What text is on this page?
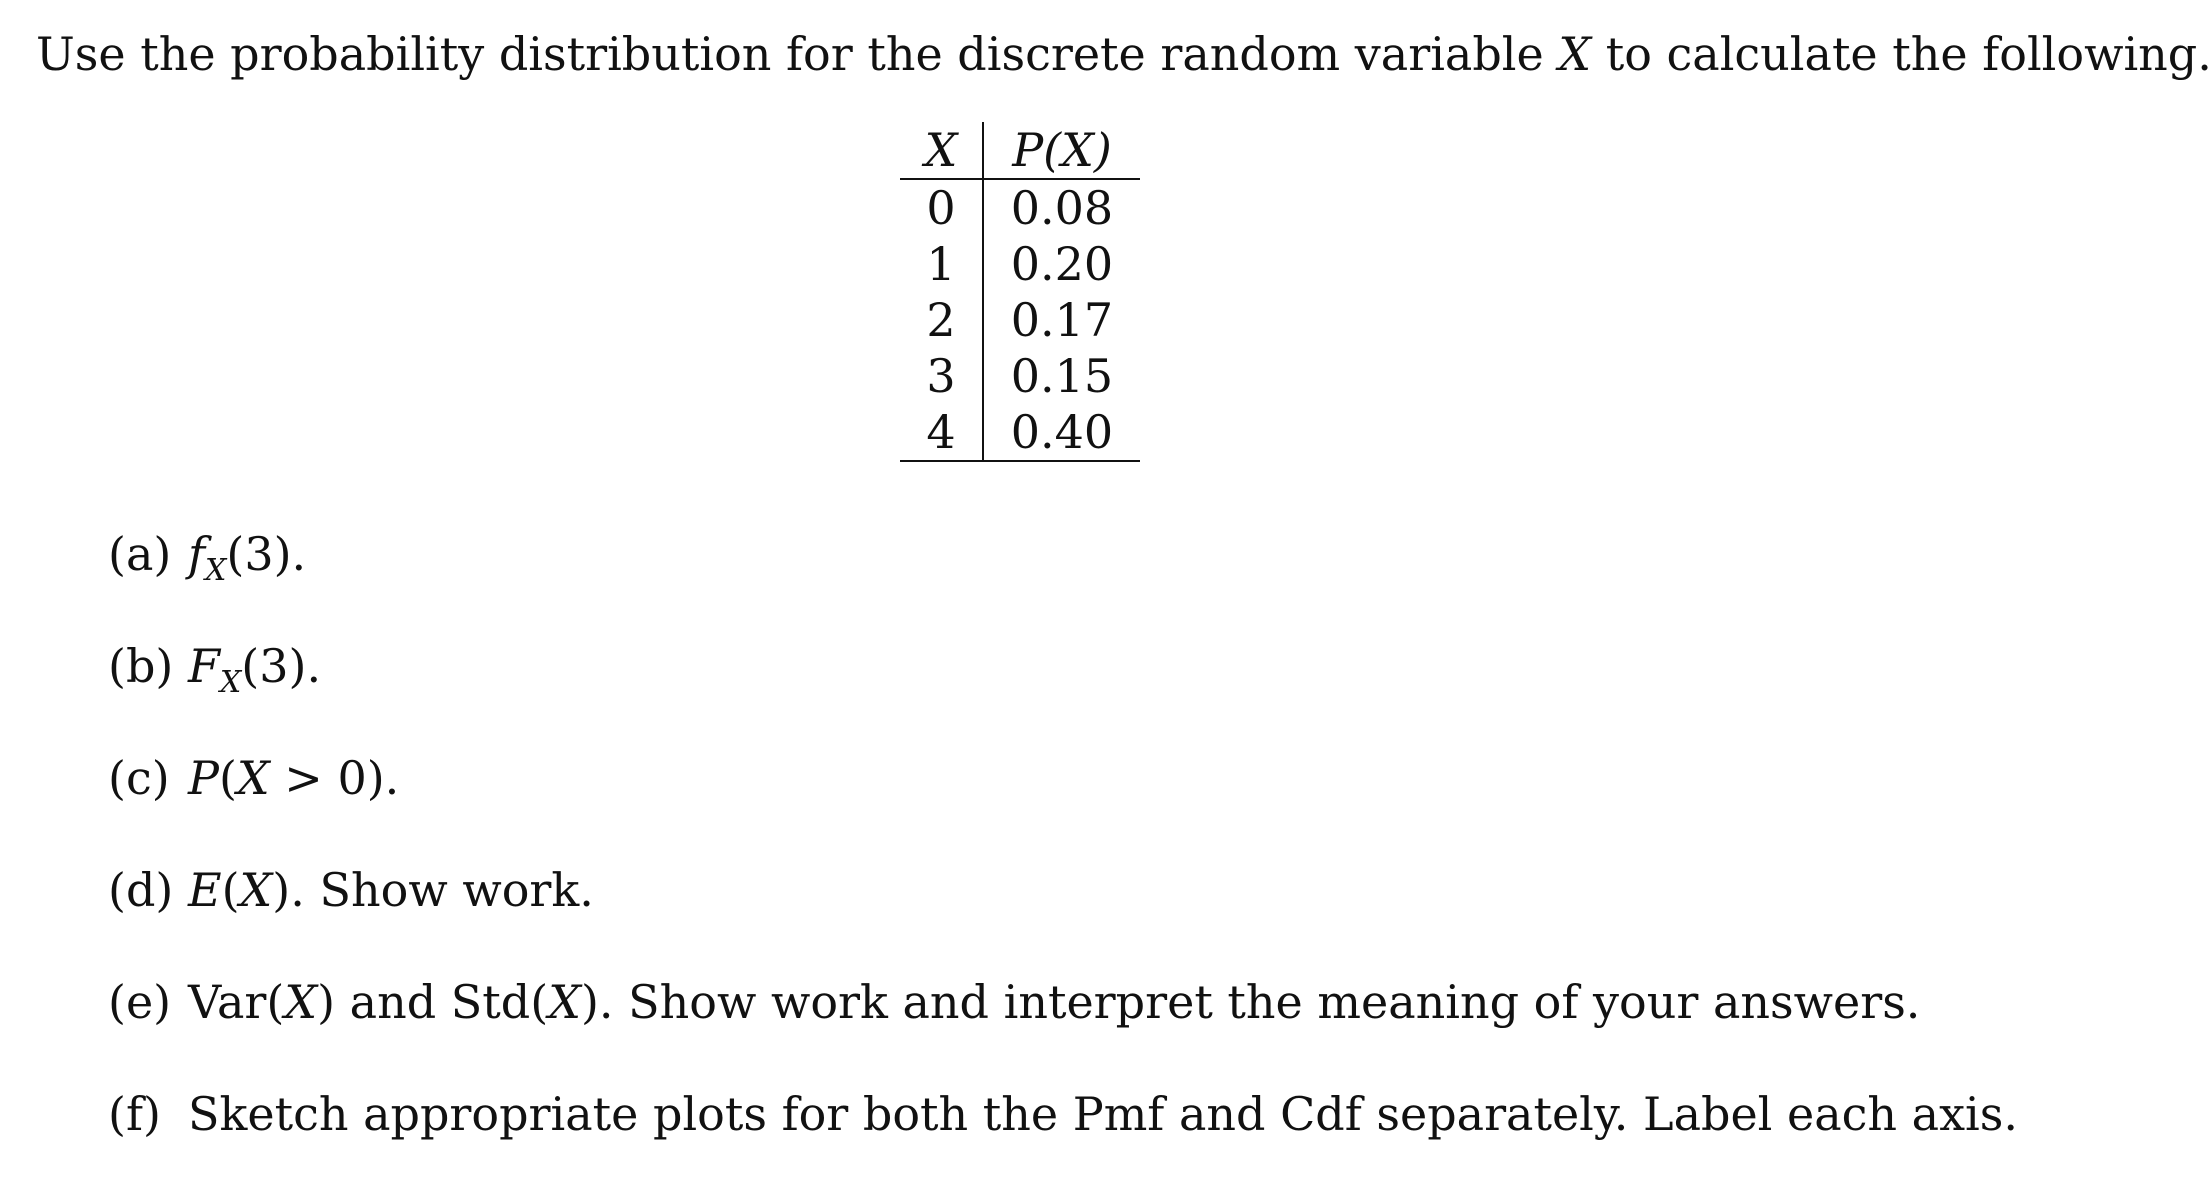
Use the probability distribution for the discrete random variable X to calculate the following.
X	P(X)
0	0.08
1	0.20
2	0.17
3	0.15
4	0.40
(a) $f_X(3)$.
(b) $F_X(3)$.
(c) P(X > 0).
(d) E(X). Show work.
(e) Var(X) and Std(X). Show work and interpret the meaning of your answers.
(f) Sketch appropriate plots for both the Pmf and Cdf separately. Label each axis.
